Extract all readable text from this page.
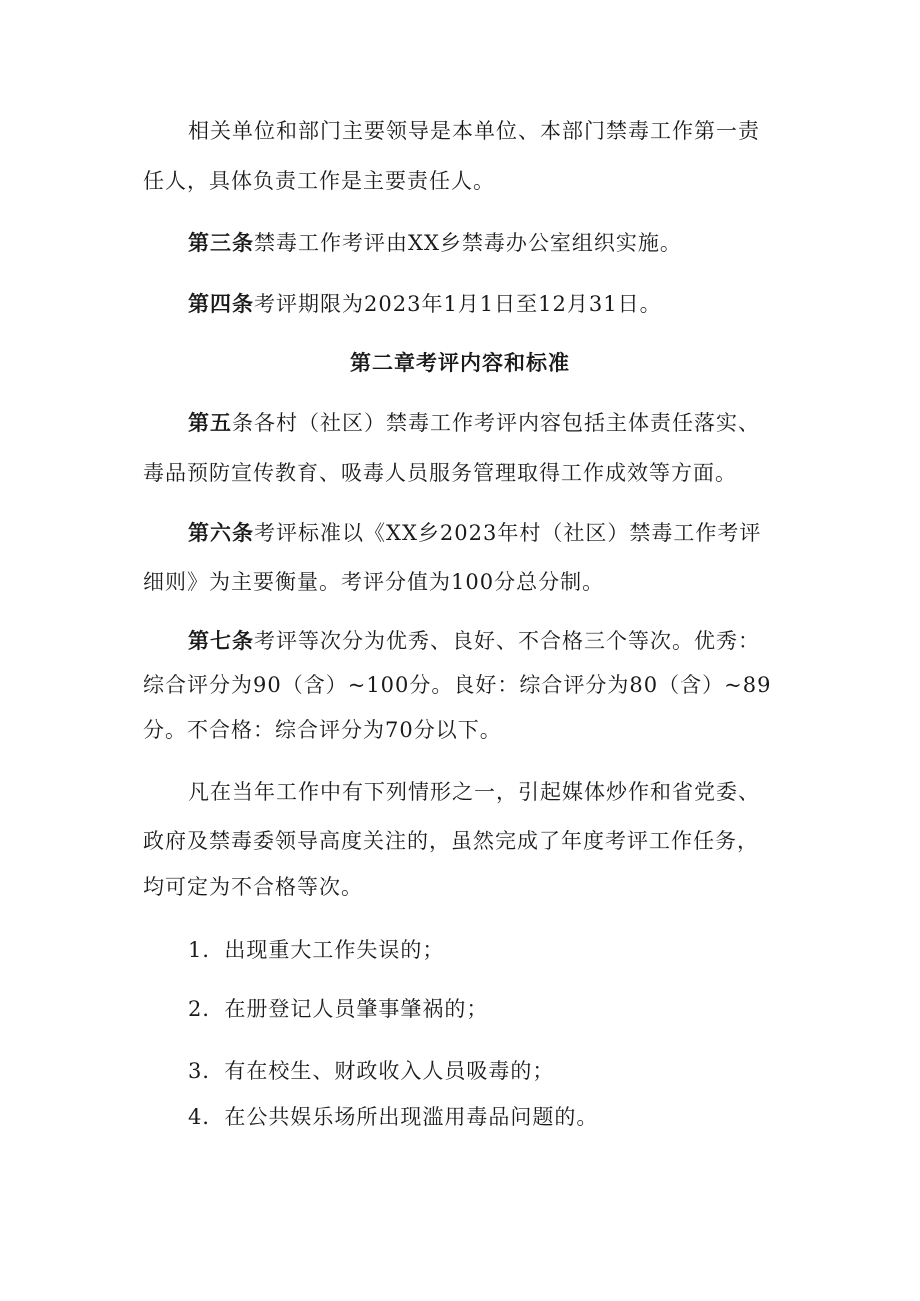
相关单位和部门主要领导是本单位、本部门禁毒工作第一责
任人，具体负责工作是主要责任人。
第三条禁毒工作考评由XX乡禁毒办公室组织实施。
第四条考评期限为2023年1月1日至12月31日。
第二章考评内容和标准
第五条各村（社区）禁毒工作考评内容包括主体责任落实、
毒品预防宣传教育、吸毒人员服务管理取得工作成效等方面。
第六条考评标准以《XX乡2023年村（社区）禁毒工作考评
细则》为主要衡量。考评分值为100分总分制。
第七条考评等次分为优秀、良好、不合格三个等次。优秀：
综合评分为90（含）~100分。良好：综合评分为80（含）~89
分。不合格：综合评分为70分以下。
凡在当年工作中有下列情形之一，引起媒体炒作和省党委、
政府及禁毒委领导高度关注的，虽然完成了年度考评工作任务，
均可定为不合格等次。
1．出现重大工作失误的；
2．在册登记人员肇事肇祸的；
3．有在校生、财政收入人员吸毒的；
4．在公共娱乐场所出现滥用毒品问题的。
